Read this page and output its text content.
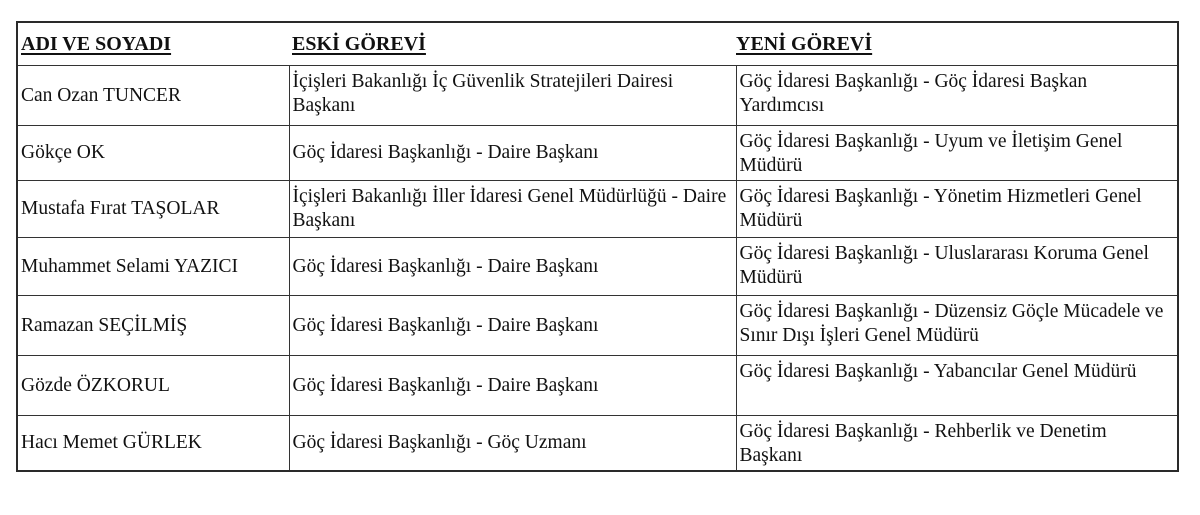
ADI VE SOYADI	ESKİ GÖREVİ	YENİ GÖREVİ
Can Ozan TUNCER	İçişleri Bakanlığı İç Güvenlik Stratejileri Dairesi Başkanı	Göç İdaresi Başkanlığı - Göç İdaresi Başkan Yardımcısı
Gökçe OK	Göç İdaresi Başkanlığı - Daire Başkanı	Göç İdaresi Başkanlığı - Uyum ve İletişim Genel Müdürü
Mustafa Fırat TAŞOLAR	İçişleri Bakanlığı İller İdaresi Genel Müdürlüğü - Daire Başkanı	Göç İdaresi Başkanlığı - Yönetim Hizmetleri Genel Müdürü
Muhammet Selami YAZICI	Göç İdaresi Başkanlığı - Daire Başkanı	Göç İdaresi Başkanlığı - Uluslararası Koruma Genel Müdürü
Ramazan SEÇİLMİŞ	Göç İdaresi Başkanlığı - Daire Başkanı	Göç İdaresi Başkanlığı - Düzensiz Göçle Mücadele ve Sınır Dışı İşleri Genel Müdürü
Gözde ÖZKORUL	Göç İdaresi Başkanlığı - Daire Başkanı	Göç İdaresi Başkanlığı - Yabancılar Genel Müdürü
Hacı Memet GÜRLEK	Göç İdaresi Başkanlığı - Göç Uzmanı	Göç İdaresi Başkanlığı - Rehberlik ve Denetim Başkanı
